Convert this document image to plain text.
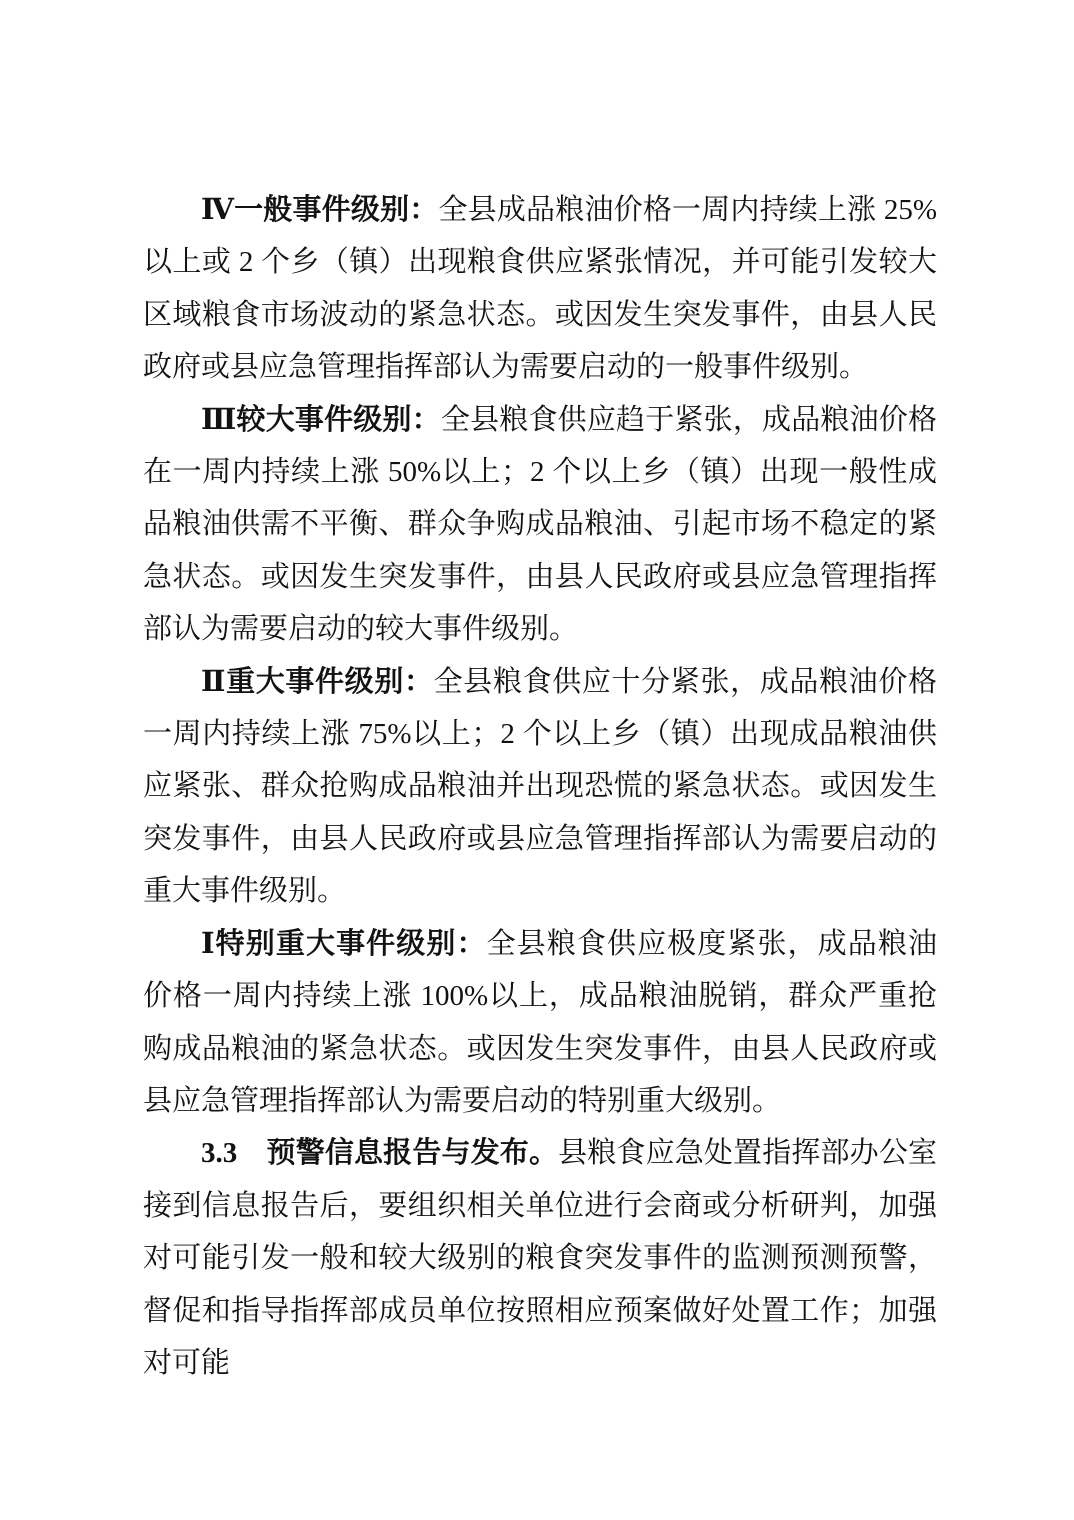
Ⅳ一般事件级别：全县成品粮油价格一周内持续上涨 25%以上或 2 个乡（镇）出现粮食供应紧张情况，并可能引发较大区域粮食市场波动的紧急状态。或因发生突发事件，由县人民政府或县应急管理指挥部认为需要启动的一般事件级别。

Ⅲ较大事件级别：全县粮食供应趋于紧张，成品粮油价格在一周内持续上涨 50%以上；2 个以上乡（镇）出现一般性成品粮油供需不平衡、群众争购成品粮油、引起市场不稳定的紧急状态。或因发生突发事件，由县人民政府或县应急管理指挥部认为需要启动的较大事件级别。

Ⅱ重大事件级别：全县粮食供应十分紧张，成品粮油价格一周内持续上涨 75%以上；2 个以上乡（镇）出现成品粮油供应紧张、群众抢购成品粮油并出现恐慌的紧急状态。或因发生突发事件，由县人民政府或县应急管理指挥部认为需要启动的重大事件级别。

Ⅰ特别重大事件级别：全县粮食供应极度紧张，成品粮油价格一周内持续上涨 100%以上，成品粮油脱销，群众严重抢购成品粮油的紧急状态。或因发生突发事件，由县人民政府或县应急管理指挥部认为需要启动的特别重大级别。

3.3　预警信息报告与发布。县粮食应急处置指挥部办公室接到信息报告后，要组织相关单位进行会商或分析研判，加强对可能引发一般和较大级别的粮食突发事件的监测预测预警，督促和指导指挥部成员单位按照相应预案做好处置工作；加强对可能
